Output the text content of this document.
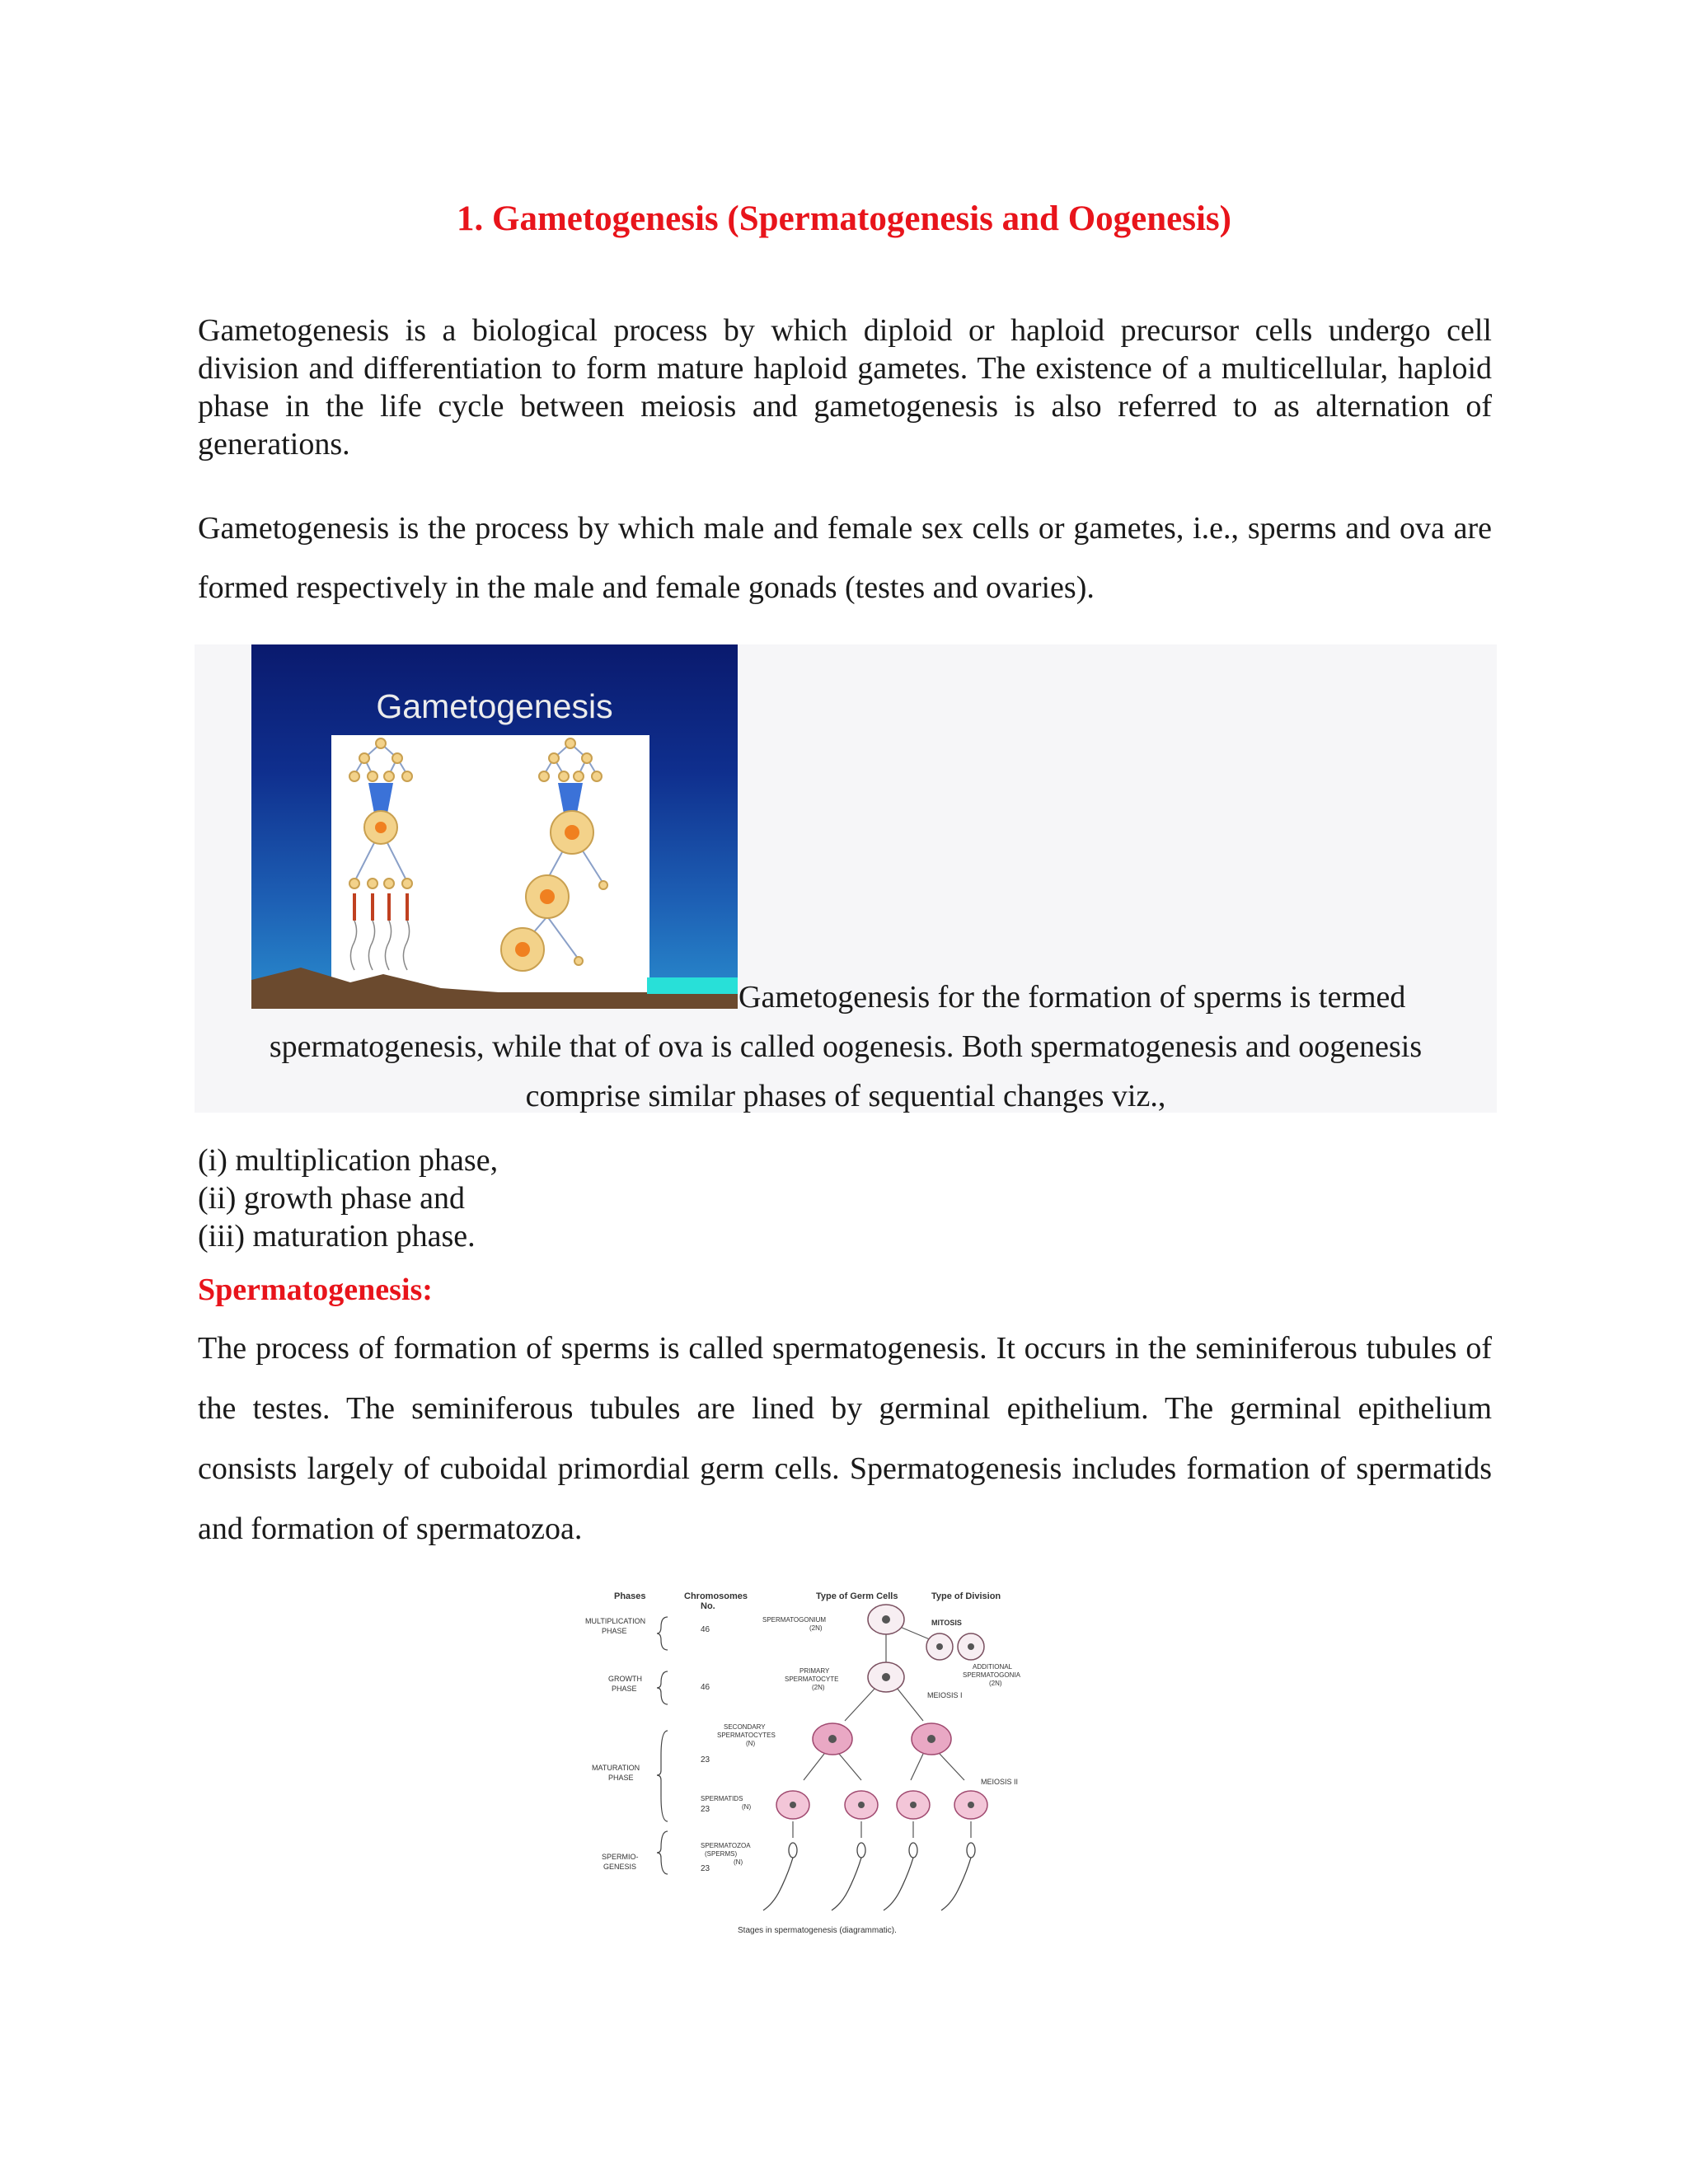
1. Gametogenesis (Spermatogenesis and Oogenesis)

Gametogenesis is a biological process by which diploid or haploid precursor cells undergo cell division and differentiation to form mature haploid gametes. The existence of a multicellular, haploid phase in the life cycle between meiosis and gametogenesis is also referred to as alternation of generations.

Gametogenesis is the process by which male and female sex cells or gametes, i.e., sperms and ova are formed respectively in the male and female gonads (testes and ovaries).

Gametogenesis
Gametogenesis for the formation of sperms is termed
spermatogenesis, while that of ova is called oogenesis. Both spermatogenesis and oogenesis
comprise similar phases of sequential changes viz.,
(i) multiplication phase,
(ii) growth phase and
(iii) maturation phase.
Spermatogenesis:

The process of formation of sperms is called spermatogenesis. It occurs in the seminiferous tubules of the testes. The seminiferous tubules are lined by germinal epithelium. The germinal epithelium consists largely of cuboidal primordial germ cells. Spermatogenesis includes formation of spermatids and formation of spermatozoa.

Phases	Chromosomes
No.
Type of Germ Cells	Type of Division
MULTIPLICATION
PHASE
GROWTH
PHASE
MATURATION
PHASE
SPERMIO-
GENESIS
46
46
23
23
23
SPERMATOGONIUM
(2N)
PRIMARY
SPERMATOCYTE
(2N)
SECONDARY
SPERMATOCYTES
(N)
SPERMATIDS
(N)
SPERMATOZOA
(SPERMS)
(N)
ADDITIONAL
SPERMATOGONIA
(2N)
MITOSIS
MEIOSIS I
MEIOSIS II
Stages in spermatogenesis (diagrammatic).
